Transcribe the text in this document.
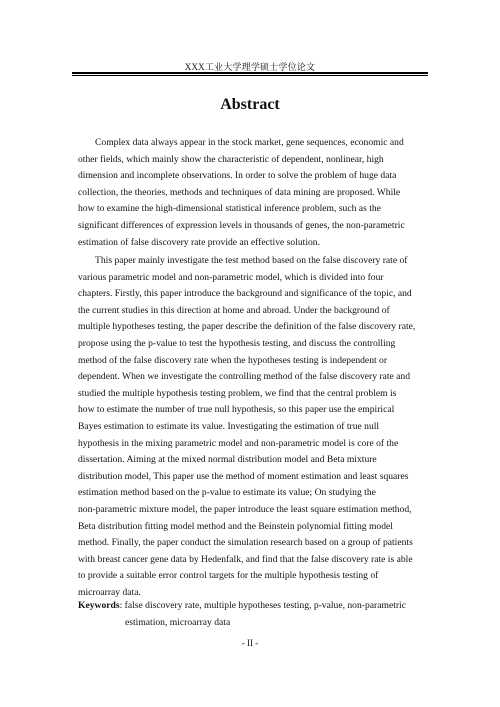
XXX工业大学理学硕士学位论文
Abstract
Complex data always appear in the stock market, gene sequences, economic and
other fields, which mainly show the characteristic of dependent, nonlinear, high
dimension and incomplete observations. In order to solve the problem of huge data
collection, the theories, methods and techniques of data mining are proposed. While
how to examine the high-dimensional statistical inference problem, such as the
significant differences of expression levels in thousands of genes, the non-parametric
estimation of false discovery rate provide an effective solution.
This paper mainly investigate the test method based on the false discovery rate of
various parametric model and non-parametric model, which is divided into four
chapters. Firstly, this paper introduce the background and significance of the topic, and
the current studies in this direction at home and abroad. Under the background of
multiple hypotheses testing, the paper describe the definition of the false discovery rate,
propose using the p-value to test the hypothesis testing, and discuss the controlling
method of the false discovery rate when the hypotheses testing is independent or
dependent. When we investigate the controlling method of the false discovery rate and
studied the multiple hypothesis testing problem, we find that the central problem is
how to estimate the number of true null hypothesis, so this paper use the empirical
Bayes estimation to estimate its value. Investigating the estimation of true null
hypothesis in the mixing parametric model and non-parametric model is core of the
dissertation. Aiming at the mixed normal distribution model and Beta mixture
distribution model, This paper use the method of moment estimation and least squares
estimation method based on the p-value to estimate its value; On studying the
non-parametric mixture model, the paper introduce the least square estimation method,
Beta distribution fitting model method and the Beinstein polynomial fitting model
method. Finally, the paper conduct the simulation research based on a group of patients
with breast cancer gene data by Hedenfalk, and find that the false discovery rate is able
to provide a suitable error control targets for the multiple hypothesis testing of
microarray data.
Keywords: false discovery rate, multiple hypotheses testing, p-value, non-parametric
estimation, microarray data
- II -
